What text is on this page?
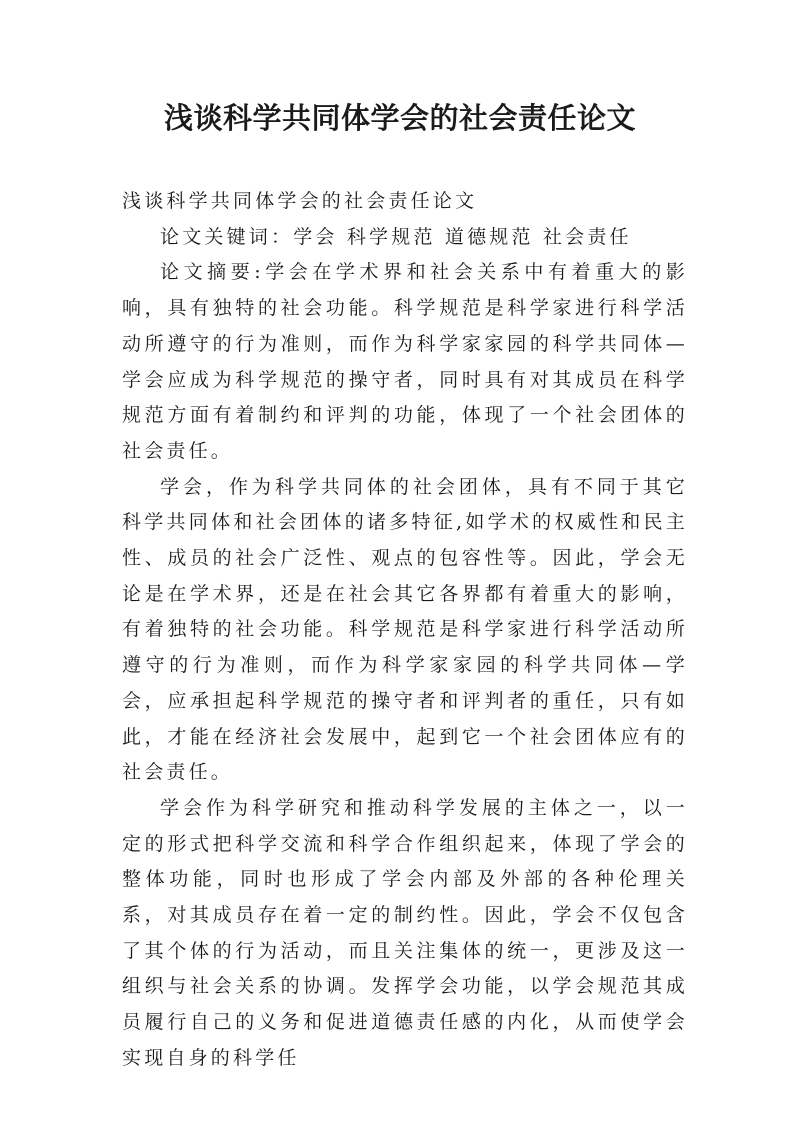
浅谈科学共同体学会的社会责任论文

浅谈科学共同体学会的社会责任论文

论文关键词：学会 科学规范 道德规范 社会责任

论文摘要:学会在学术界和社会关系中有着重大的影响，具有独特的社会功能。科学规范是科学家进行科学活动所遵守的行为准则，而作为科学家家园的科学共同体—学会应成为科学规范的操守者，同时具有对其成员在科学规范方面有着制约和评判的功能，体现了一个社会团体的社会责任。

学会，作为科学共同体的社会团体，具有不同于其它科学共同体和社会团体的诸多特征,如学术的权威性和民主性、成员的社会广泛性、观点的包容性等。因此，学会无论是在学术界，还是在社会其它各界都有着重大的影响，有着独特的社会功能。科学规范是科学家进行科学活动所遵守的行为准则，而作为科学家家园的科学共同体—学会，应承担起科学规范的操守者和评判者的重任，只有如此，才能在经济社会发展中，起到它一个社会团体应有的社会责任。

学会作为科学研究和推动科学发展的主体之一，以一定的形式把科学交流和科学合作组织起来，体现了学会的整体功能，同时也形成了学会内部及外部的各种伦理关系，对其成员存在着一定的制约性。因此，学会不仅包含了其个体的行为活动，而且关注集体的统一，更涉及这一组织与社会关系的协调。发挥学会功能，以学会规范其成员履行自己的义务和促进道德责任感的内化，从而使学会实现自身的科学任
